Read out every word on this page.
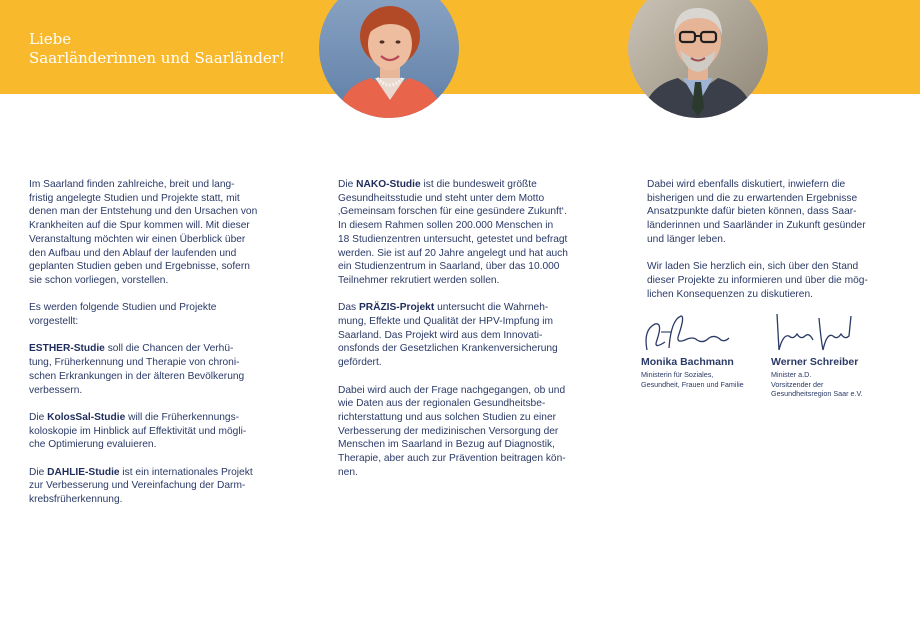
Liebe
Saarländerinnen und Saarländer!

Im Saarland finden zahlreiche, breit und lang-
fristig angelegte Studien und Projekte statt, mit
denen man der Entstehung und den Ursachen von
Krankheiten auf die Spur kommen will. Mit dieser
Veranstaltung möchten wir einen Überblick über
den Aufbau und den Ablauf der laufenden und
geplanten Studien geben und Ergebnisse, sofern
sie schon vorliegen, vorstellen.

Es werden folgende Studien und Projekte
vorgestellt:

ESTHER-Studie soll die Chancen der Verhü-
tung, Früherkennung und Therapie von chroni-
schen Erkrankungen in der älteren Bevölkerung
verbessern.

Die KolosSal-Studie will die Früherkennungs-
koloskopie im Hinblick auf Effektivität und mögli-
che Optimierung evaluieren.

Die DAHLIE-Studie ist ein internationales Projekt
zur Verbesserung und Vereinfachung der Darm-
krebsfrüherkennung.

Die NAKO-Studie ist die bundesweit größte
Gesundheitsstudie und steht unter dem Motto
‚Gemeinsam forschen für eine gesündere Zukunft‘.
In diesem Rahmen sollen 200.000 Menschen in
18 Studienzentren untersucht, getestet und befragt
werden. Sie ist auf 20 Jahre angelegt und hat auch
ein Studienzentrum in Saarland, über das 10.000
Teilnehmer rekrutiert werden sollen.

Das PRÄZIS-Projekt untersucht die Wahrneh-
mung, Effekte und Qualität der HPV-Impfung im
Saarland. Das Projekt wird aus dem Innovati-
onsfonds der Gesetzlichen Krankenversicherung
gefördert.

Dabei wird auch der Frage nachgegangen, ob und
wie Daten aus der regionalen Gesundheitsbe-
richterstattung und aus solchen Studien zu einer
Verbesserung der medizinischen Versorgung der
Menschen im Saarland in Bezug auf Diagnostik,
Therapie, aber auch zur Prävention beitragen kön-
nen.

Dabei wird ebenfalls diskutiert, inwiefern die
bisherigen und die zu erwartenden Ergebnisse
Ansatzpunkte dafür bieten können, dass Saar-
länderinnen und Saarländer in Zukunft gesünder
und länger leben.

Wir laden Sie herzlich ein, sich über den Stand
dieser Projekte zu informieren und über die mög-
lichen Konsequenzen zu diskutieren.

Monika Bachmann
Ministerin für Soziales,
Gesundheit, Frauen und Familie
Werner Schreiber
Minister a.D.
Vorsitzender der
Gesundheitsregion Saar e.V.
